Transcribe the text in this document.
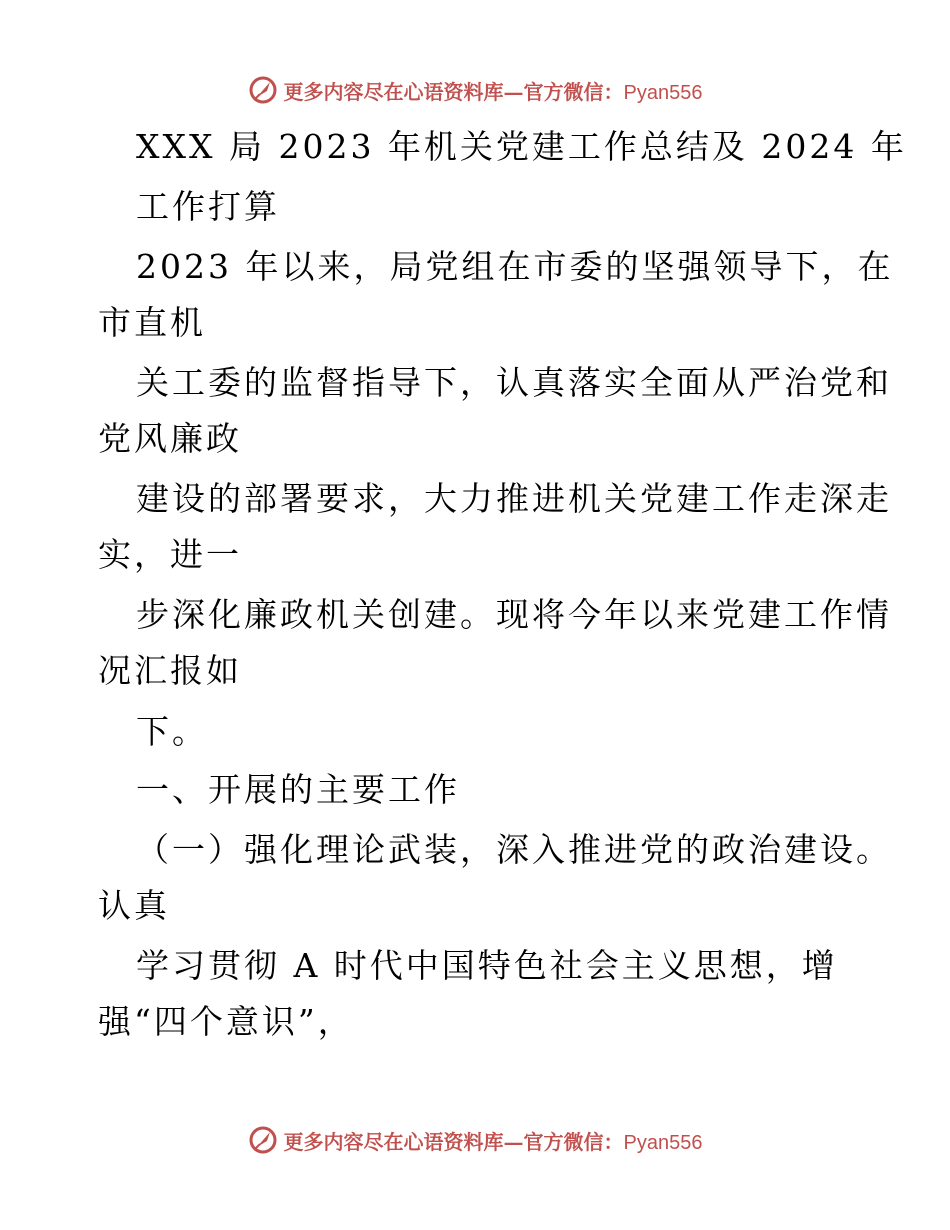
更多内容尽在心语资料库—官方微信：Pyan556
XXX 局 2023 年机关党建工作总结及 2024 年
工作打算
2023 年以来，局党组在市委的坚强领导下，在
市直机
关工委的监督指导下，认真落实全面从严治党和
党风廉政
建设的部署要求，大力推进机关党建工作走深走
实，进一
步深化廉政机关创建。现将今年以来党建工作情
况汇报如
下。
一、开展的主要工作
（一）强化理论武装，深入推进党的政治建设。
认真
学习贯彻 A 时代中国特色社会主义思想，增
强“四个意识”，
更多内容尽在心语资料库—官方微信：Pyan556
